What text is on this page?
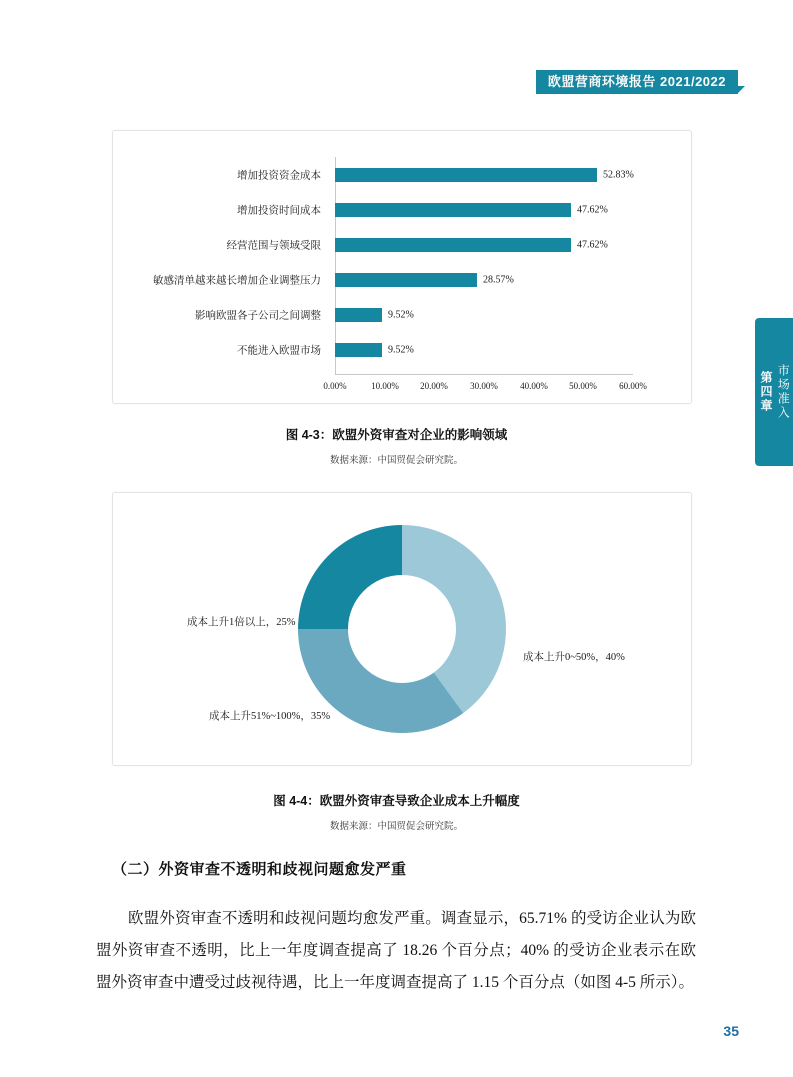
欧盟营商环境报告 2021/2022
第四章 市场准入
增加投资资金成本
增加投资时间成本
经营范围与领域受限
敏感清单越来越长增加企业调整压力
影响欧盟各子公司之间调整
不能进入欧盟市场
52.83%
47.62%
47.62%
28.57%
9.52%
9.52%
0.00%	10.00% 20.00% 30.00% 40.00% 50.00% 60.00%
图 4-3：欧盟外资审查对企业的影响领域
数据来源：中国贸促会研究院。
成本上升0~50%，40%
成本上升51%~100%，35%
成本上升1倍以上，25%
图 4-4：欧盟外资审查导致企业成本上升幅度
数据来源：中国贸促会研究院。
（二）外资审查不透明和歧视问题愈发严重
欧盟外资审查不透明和歧视问题均愈发严重。调查显示，65.71% 的受访企业认为欧盟外资审查不透明，比上一年度调查提高了 18.26 个百分点；40% 的受访企业表示在欧盟外资审查中遭受过歧视待遇，比上一年度调查提高了 1.15 个百分点（如图 4-5 所示）。
35
